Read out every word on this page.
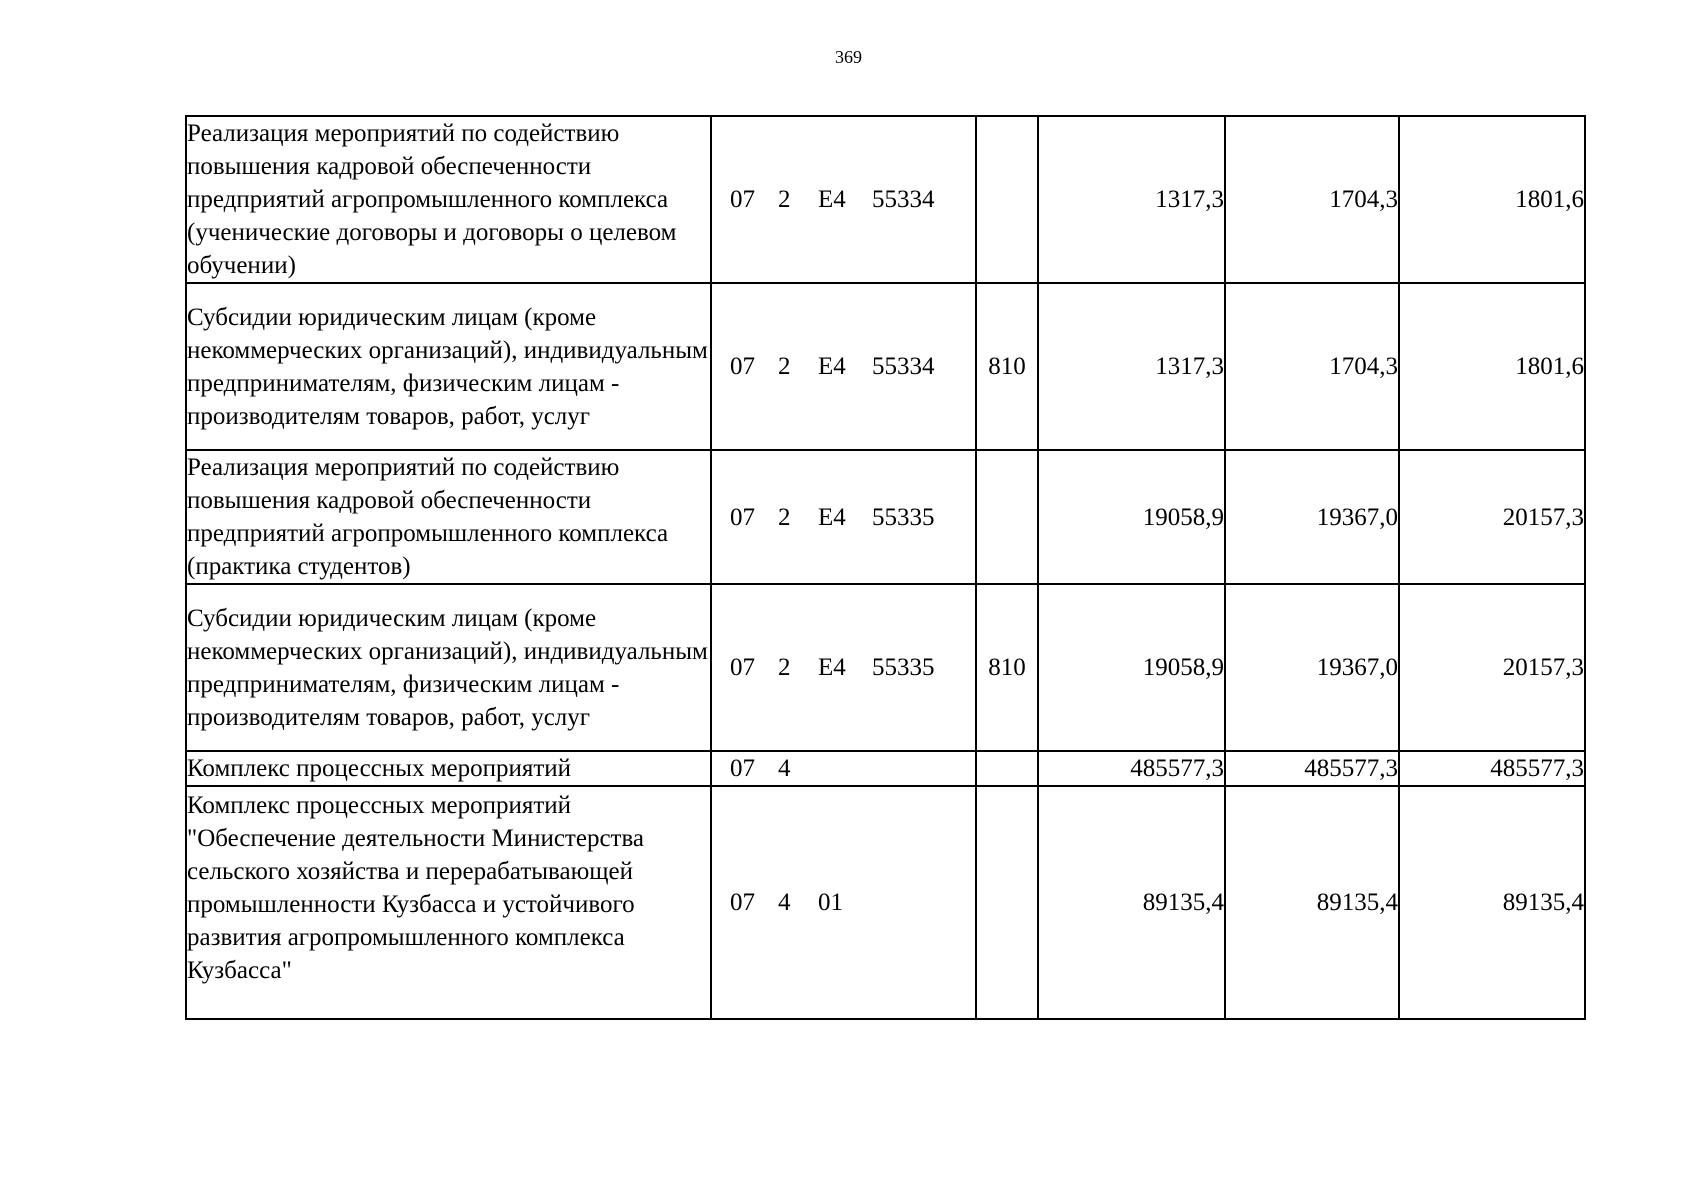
369
Реализация мероприятий по содействию повышения кадровой обеспеченности предприятий агропромышленного комплекса (ученические договоры и договоры о целевом обучении)	07 2 Е4 55334		1317,3	1704,3	1801,6
Субсидии юридическим лицам (кроме некоммерческих организаций), индивидуальным предпринимателям, физическим лицам - производителям товаров, работ, услуг	07 2 Е4 55334	810	1317,3	1704,3	1801,6
Реализация мероприятий по содействию повышения кадровой обеспеченности предприятий агропромышленного комплекса (практика студентов)	07 2 Е4 55335		19058,9	19367,0	20157,3
Субсидии юридическим лицам (кроме некоммерческих организаций), индивидуальным предпринимателям, физическим лицам - производителям товаров, работ, услуг	07 2 Е4 55335	810	19058,9	19367,0	20157,3
Комплекс процессных мероприятий	07 4		485577,3	485577,3	485577,3
Комплекс процессных мероприятий "Обеспечение деятельности Министерства сельского хозяйства и перерабатывающей промышленности Кузбасса и устойчивого развития агропромышленного комплекса Кузбасса"	07 4 01		89135,4	89135,4	89135,4
